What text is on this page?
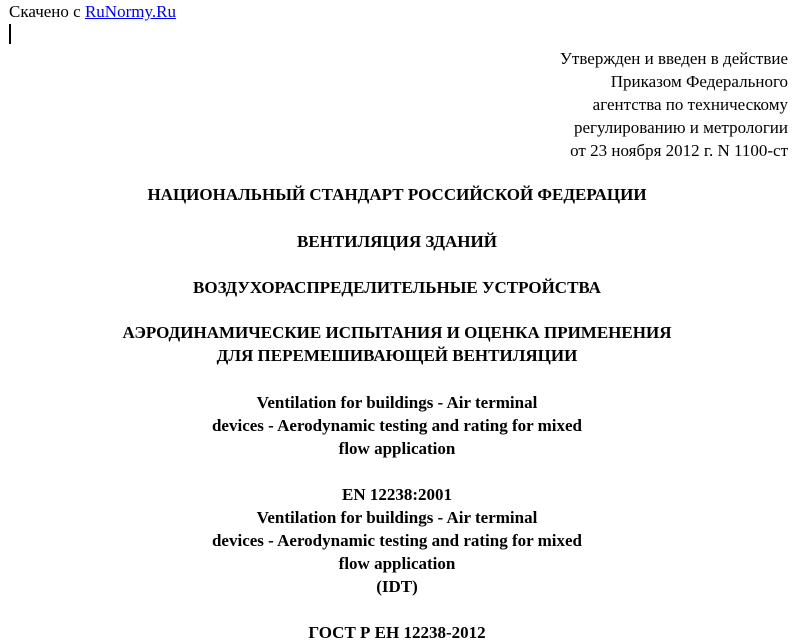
Скачено с RuNormy.Ru
Утвержден и введен в действие
Приказом Федерального
агентства по техническому
регулированию и метрологии
от 23 ноября 2012 г. N 1100-ст
НАЦИОНАЛЬНЫЙ СТАНДАРТ РОССИЙСКОЙ ФЕДЕРАЦИИ
ВЕНТИЛЯЦИЯ ЗДАНИЙ
ВОЗДУХОРАСПРЕДЕЛИТЕЛЬНЫЕ УСТРОЙСТВА
АЭРОДИНАМИЧЕСКИЕ ИСПЫТАНИЯ И ОЦЕНКА ПРИМЕНЕНИЯ
ДЛЯ ПЕРЕМЕШИВАЮЩЕЙ ВЕНТИЛЯЦИИ
Ventilation for buildings - Air terminal
devices - Aerodynamic testing and rating for mixed
flow application
EN 12238:2001
Ventilation for buildings - Air terminal
devices - Aerodynamic testing and rating for mixed
flow application
(IDT)
ГОСТ Р ЕН 12238-2012
